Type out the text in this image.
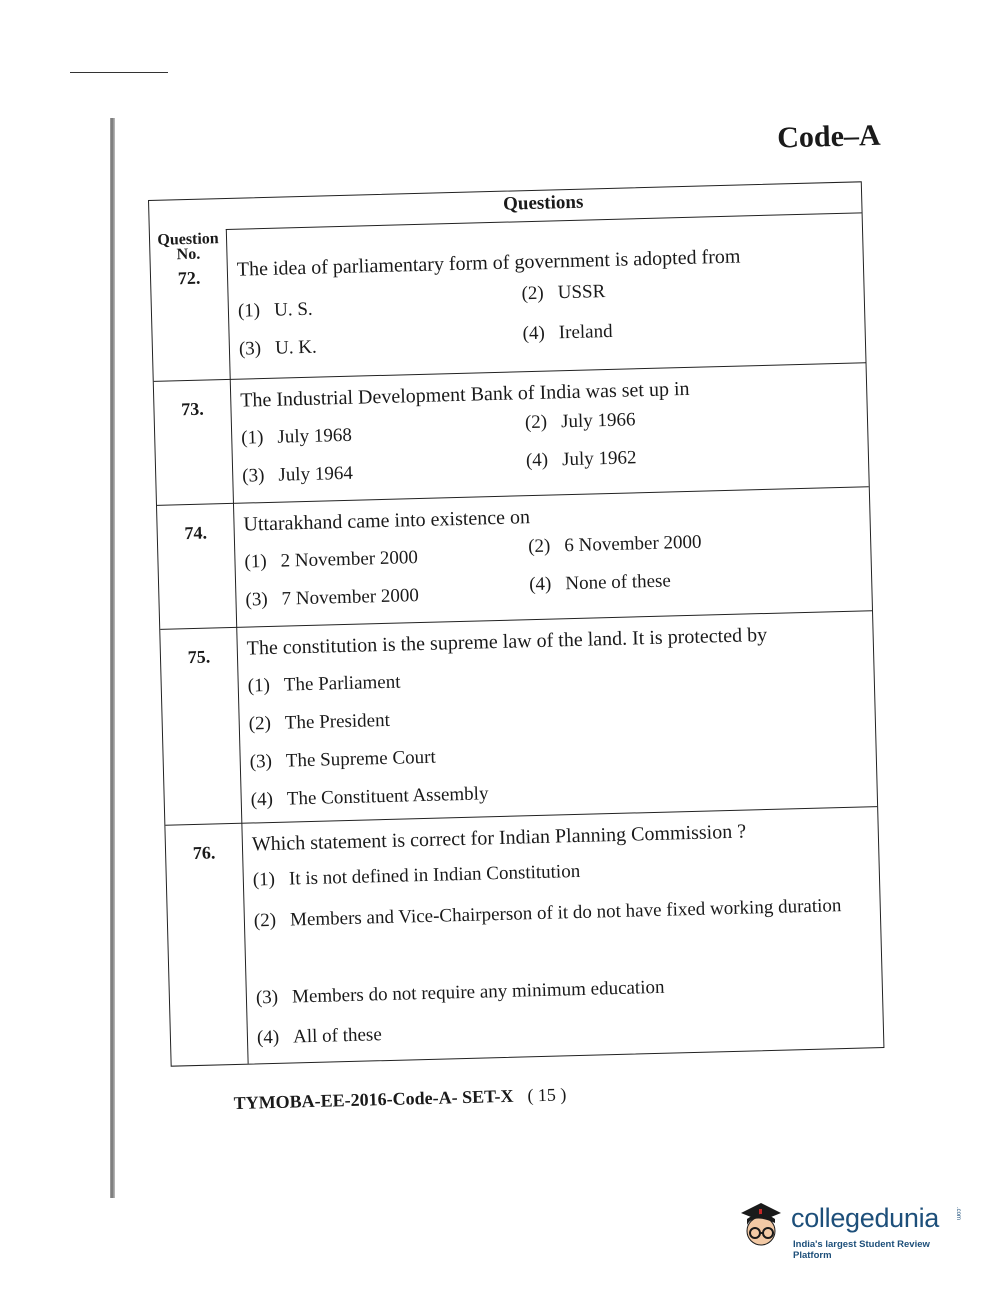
Code–A
Questions
Question No.
72.	The idea of parliamentary form of government is adopted from
(1) U. S.
(2) USSR
(3) U. K.
(4) Ireland
73.	The Industrial Development Bank of India was set up in
(1) July 1968
(2) July 1966
(3) July 1964
(4) July 1962
74.	Uttarakhand came into existence on
(1) 2 November 2000
(2) 6 November 2000
(3) 7 November 2000
(4) None of these
75.	The constitution is the supreme law of the land. It is protected by
(1) The Parliament
(2) The President
(3) The Supreme Court
(4) The Constituent Assembly
76.	Which statement is correct for Indian Planning Commission ?
(1) It is not defined in Indian Constitution
(2) Members and Vice-Chairperson of it do not have fixed working duration
(3) Members do not require any minimum education
(4) All of these
TYMOBA-EE-2016-Code-A- SET-X ( 15 )
collegedunia	.com
India's largest Student Review Platform
